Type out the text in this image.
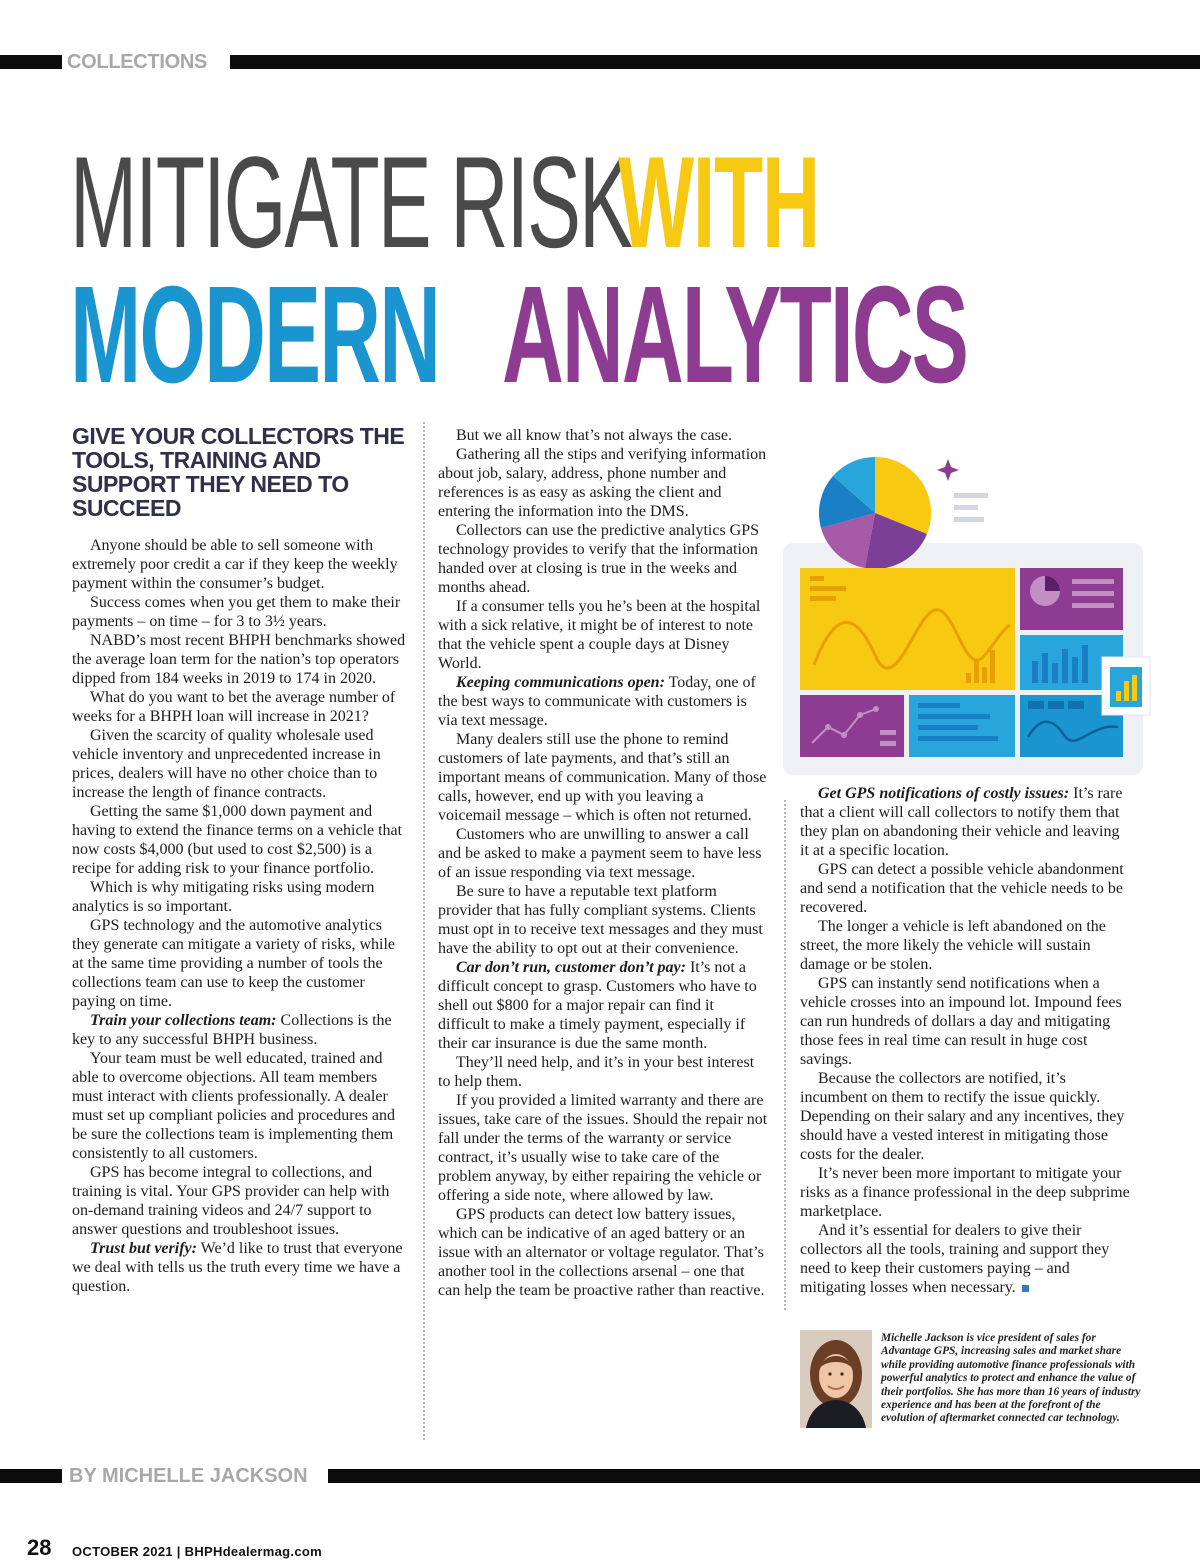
COLLECTIONS
MITIGATE RISK
WITH
MODERN ANALYTICS
GIVE YOUR COLLECTORS THE TOOLS, TRAINING AND SUPPORT THEY NEED TO SUCCEED

Anyone should be able to sell someone with extremely poor credit a car if they keep the weekly payment within the consumer’s budget.

Success comes when you get them to make their payments – on time – for 3 to 3½ years.

NABD’s most recent BHPH benchmarks showed the average loan term for the nation’s top operators dipped from 184 weeks in 2019 to 174 in 2020.

What do you want to bet the average number of weeks for a BHPH loan will increase in 2021?

Given the scarcity of quality wholesale used vehicle inventory and unprecedented increase in prices, dealers will have no other choice than to increase the length of finance contracts.

Getting the same $1,000 down payment and having to extend the finance terms on a vehicle that now costs $4,000 (but used to cost $2,500) is a recipe for adding risk to your finance portfolio.

Which is why mitigating risks using modern analytics is so important.

GPS technology and the automotive analytics they generate can mitigate a variety of risks, while at the same time providing a number of tools the collections team can use to keep the customer paying on time.

Train your collections team: Collections is the key to any successful BHPH business.

Your team must be well educated, trained and able to overcome objections. All team members must interact with clients professionally. A dealer must set up compliant policies and procedures and be sure the collections team is implementing them consistently to all customers.

GPS has become integral to collections, and training is vital. Your GPS provider can help with on-demand training videos and 24/7 support to answer questions and troubleshoot issues.

Trust but verify: We’d like to trust that everyone we deal with tells us the truth every time we have a question.

But we all know that’s not always the case.

Gathering all the stips and verifying information about job, salary, address, phone number and references is as easy as asking the client and entering the information into the DMS.

Collectors can use the predictive analytics GPS technology provides to verify that the information handed over at closing is true in the weeks and months ahead.

If a consumer tells you he’s been at the hospital with a sick relative, it might be of interest to note that the vehicle spent a couple days at Disney World.

Keeping communications open: Today, one of the best ways to communicate with customers is via text message.

Many dealers still use the phone to remind customers of late payments, and that’s still an important means of communication. Many of those calls, however, end up with you leaving a voicemail message – which is often not returned.

Customers who are unwilling to answer a call and be asked to make a payment seem to have less of an issue responding via text message.

Be sure to have a reputable text platform provider that has fully compliant systems. Clients must opt in to receive text messages and they must have the ability to opt out at their convenience.

Car don’t run, customer don’t pay: It’s not a difficult concept to grasp. Customers who have to shell out $800 for a major repair can find it difficult to make a timely payment, especially if their car insurance is due the same month.

They’ll need help, and it’s in your best interest to help them.

If you provided a limited warranty and there are issues, take care of the issues. Should the repair not fall under the terms of the warranty or service contract, it’s usually wise to take care of the problem anyway, by either repairing the vehicle or offering a side note, where allowed by law.

GPS products can detect low battery issues, which can be indicative of an aged battery or an issue with an alternator or voltage regulator. That’s another tool in the collections arsenal – one that can help the team be proactive rather than reactive.

Get GPS notifications of costly issues: It’s rare that a client will call collectors to notify them that they plan on abandoning their vehicle and leaving it at a specific location.

GPS can detect a possible vehicle abandonment and send a notification that the vehicle needs to be recovered.

The longer a vehicle is left abandoned on the street, the more likely the vehicle will sustain damage or be stolen.

GPS can instantly send notifications when a vehicle crosses into an impound lot. Impound fees can run hundreds of dollars a day and mitigating those fees in real time can result in huge cost savings.

Because the collectors are notified, it’s incumbent on them to rectify the issue quickly. Depending on their salary and any incentives, they should have a vested interest in mitigating those costs for the dealer.

It’s never been more important to mitigate your risks as a finance professional in the deep subprime marketplace.

And it’s essential for dealers to give their collectors all the tools, training and support they need to keep their customers paying – and mitigating losses when necessary.

Michelle Jackson is vice president of sales for Advantage GPS, increasing sales and market share while providing automotive finance professionals with powerful analytics to protect and enhance the value of their portfolios. She has more than 16 years of industry experience and has been at the forefront of the evolution of aftermarket connected car technology.
BY MICHELLE JACKSON
28 OCTOBER 2021 | BHPHdealermag.com
